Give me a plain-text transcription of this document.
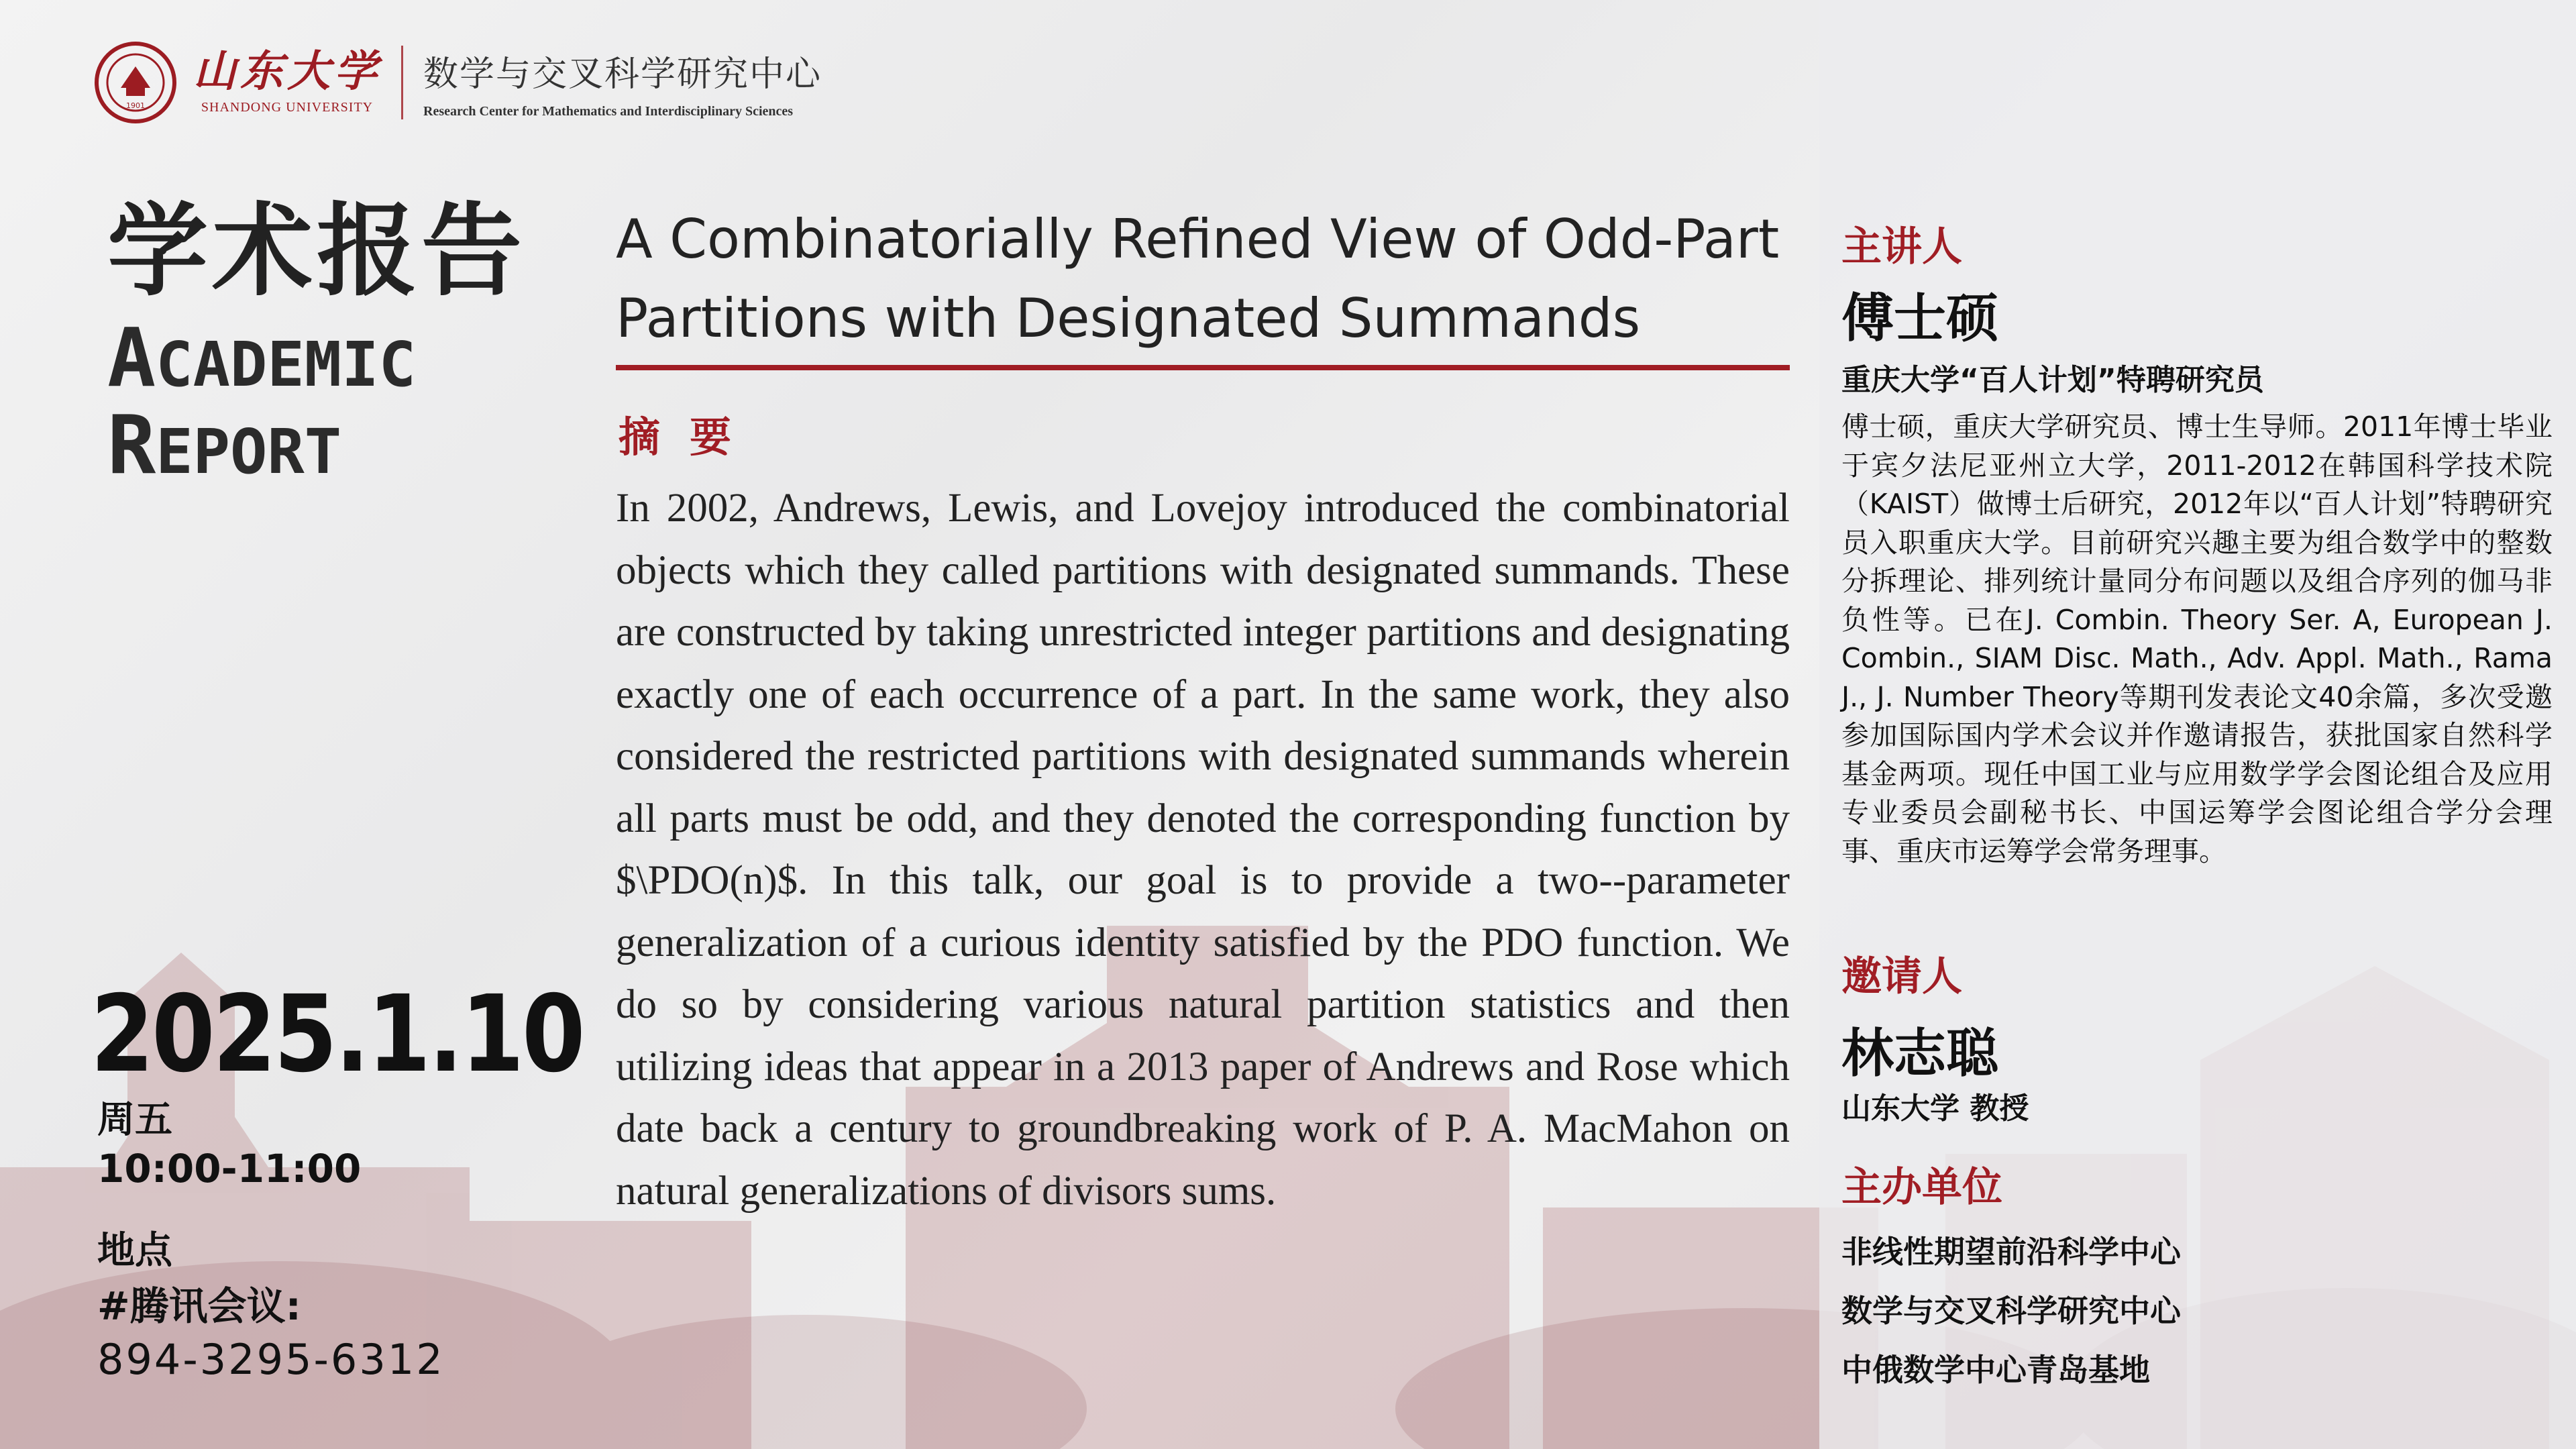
1901
山东大学
SHANDONG UNIVERSITY
数学与交叉科学研究中心
Research Center for Mathematics and Interdisciplinary Sciences
学术报告
ACADEMIC
REPORT
2025.1.10
周五
10:00-11:00
地点
#腾讯会议:
894-3295-6312
A Combinatorially Refined View of Odd-Part Partitions with Designated Summands
摘要
In 2002, Andrews, Lewis, and Lovejoy introduced the combinatorial objects which they called partitions with designated summands. These are constructed by taking unrestricted integer partitions and designating exactly one of each occurrence of a part. In the same work, they also considered the restricted partitions with designated summands wherein all parts must be odd, and they denoted the corresponding function by $\PDO(n)$. In this talk, our goal is to provide a two--parameter generalization of a curious identity satisfied by the PDO function. We do so by considering various natural partition statistics and then utilizing ideas that appear in a 2013 paper of Andrews and Rose which date back a century to groundbreaking work of P. A. MacMahon on natural generalizations of divisors sums.
主讲人
傅士硕
重庆大学“百人计划”特聘研究员
傅士硕，重庆大学研究员、博士生导师。2011年博士毕业于宾夕法尼亚州立大学，2011-2012在韩国科学技术院（KAIST）做博士后研究，2012年以“百人计划”特聘研究员入职重庆大学。目前研究兴趣主要为组合数学中的整数分拆理论、排列统计量同分布问题以及组合序列的伽马非负性等。已在J. Combin. Theory Ser. A, European J. Combin., SIAM Disc. Math., Adv. Appl. Math., Rama J., J. Number Theory等期刊发表论文40余篇，多次受邀参加国际国内学术会议并作邀请报告，获批国家自然科学基金两项。现任中国工业与应用数学学会图论组合及应用专业委员会副秘书长、中国运筹学会图论组合学分会理事、重庆市运筹学会常务理事。
邀请人
林志聪
山东大学 教授
主办单位
非线性期望前沿科学中心
数学与交叉科学研究中心
中俄数学中心青岛基地
